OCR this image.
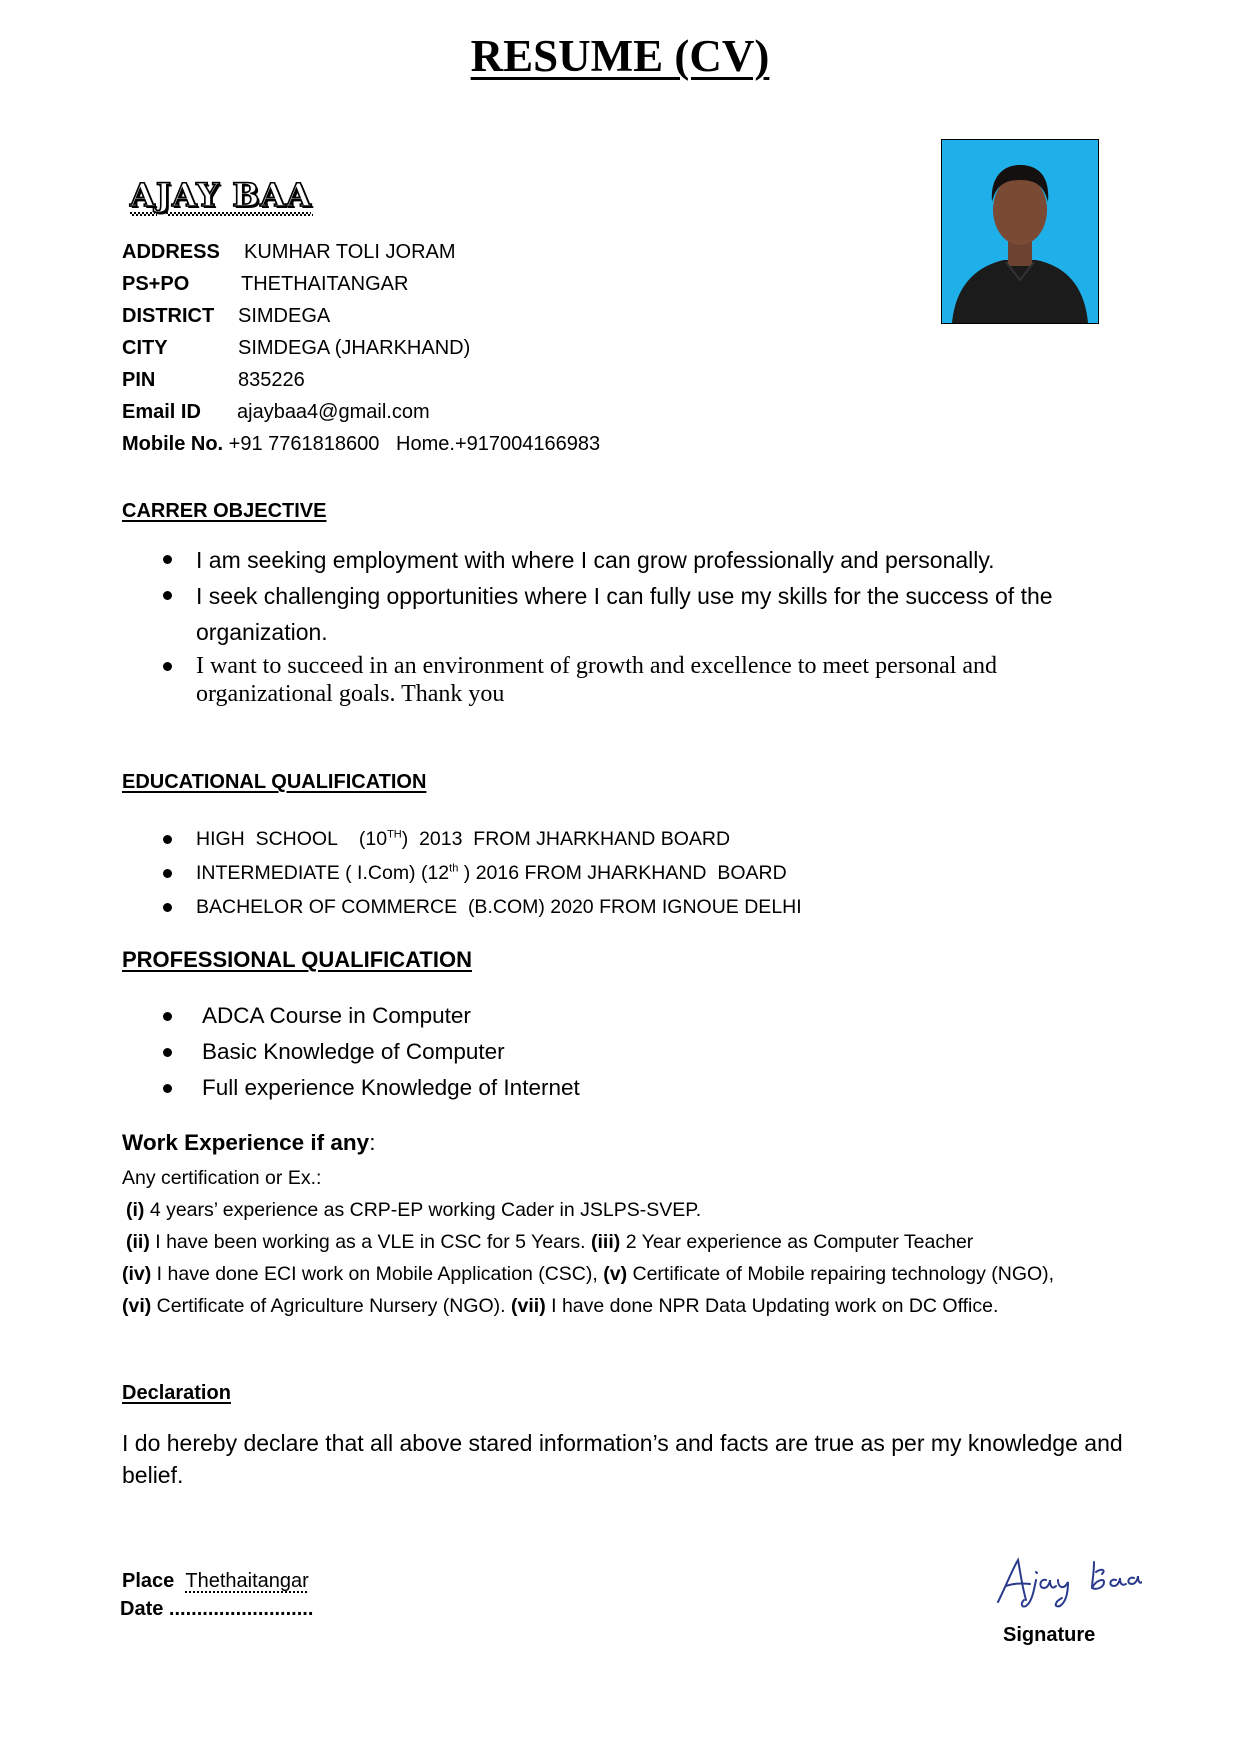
RESUME (CV)
AJAY BAA
ADDRESS KUMHAR TOLI JORAM
PS+PO	THETHAITANGAR
DISTRICT SIMDEGA
CITY	SIMDEGA (JHARKHAND)
PIN	835226
Email ID ajaybaa4@gmail.com
Mobile No. +91 7761818600   Home.+917004166983
CARRER OBJECTIVE
I am seeking employment with where I can grow professionally and personally.
I seek challenging opportunities where I can fully use my skills for the success of the organization.
I want to succeed in an environment of growth and excellence to meet personal and organizational goals. Thank you
EDUCATIONAL QUALIFICATION
HIGH  SCHOOL    (10TH)  2013  FROM JHARKHAND BOARD
INTERMEDIATE ( I.Com) (12th ) 2016 FROM JHARKHAND  BOARD
BACHELOR OF COMMERCE  (B.COM) 2020 FROM IGNOUE DELHI
PROFESSIONAL QUALIFICATION
ADCA Course in Computer
Basic Knowledge of Computer
Full experience Knowledge of Internet
Work Experience if any:
Any certification or Ex.:
(i) 4 years’ experience as CRP-EP working Cader in JSLPS-SVEP.
(ii) I have been working as a VLE in CSC for 5 Years. (iii) 2 Year experience as Computer Teacher
(iv) I have done ECI work on Mobile Application (CSC), (v) Certificate of Mobile repairing technology (NGO),
(vi) Certificate of Agriculture Nursery (NGO). (vii) I have done NPR Data Updating work on DC Office.
Declaration
I do hereby declare that all above stared information’s and facts are true as per my knowledge and belief.
Place Thethaitangar
Date ..........................
Signature
